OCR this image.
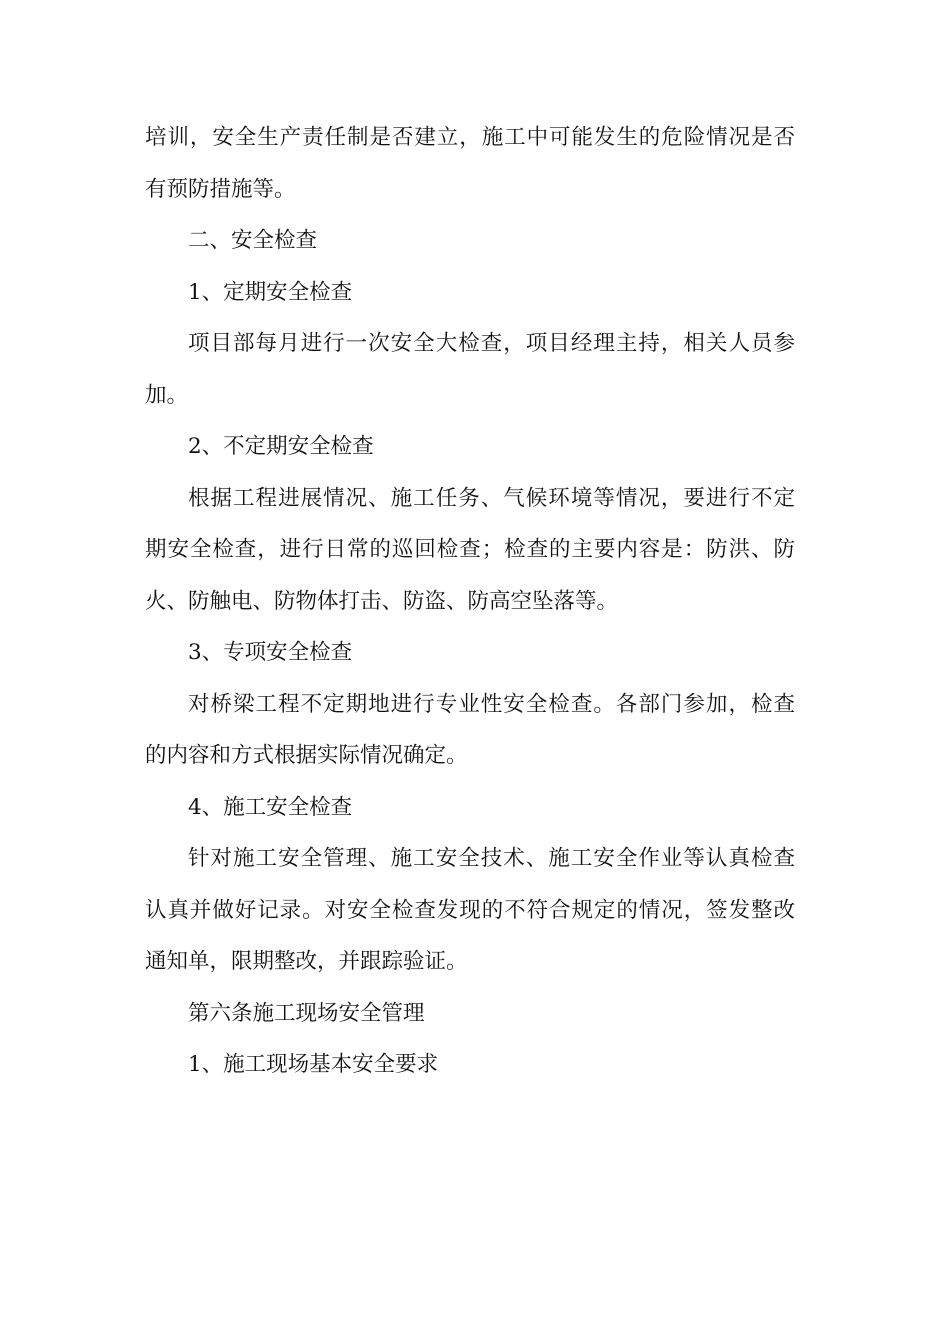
培训，安全生产责任制是否建立，施工中可能发生的危险情况是否
有预防措施等。
二、安全检查
1、定期安全检查
项目部每月进行一次安全大检查，项目经理主持，相关人员参
加。
2、不定期安全检查
根据工程进展情况、施工任务、气候环境等情况，要进行不定
期安全检查，进行日常的巡回检查；检查的主要内容是：防洪、防
火、防触电、防物体打击、防盗、防高空坠落等。
3、专项安全检查
对桥梁工程不定期地进行专业性安全检查。各部门参加，检查
的内容和方式根据实际情况确定。
4、施工安全检查
针对施工安全管理、施工安全技术、施工安全作业等认真检查
认真并做好记录。对安全检查发现的不符合规定的情况，签发整改
通知单，限期整改，并跟踪验证。
第六条施工现场安全管理
1、施工现场基本安全要求
